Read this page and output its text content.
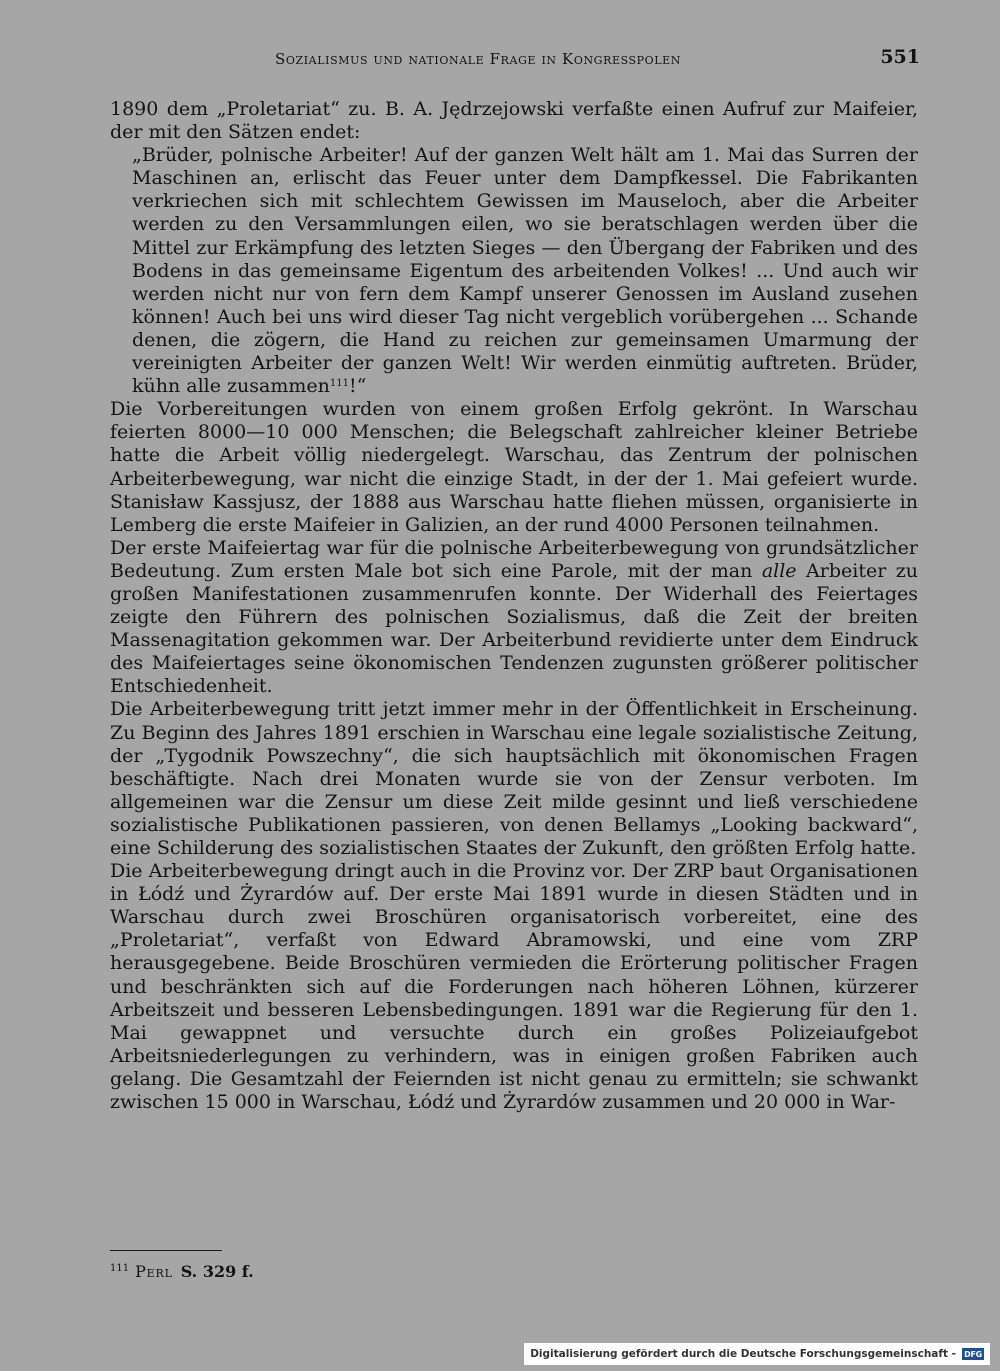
Sozialismus und nationale Frage in Kongresspolen	551

1890 dem „Proletariat“ zu. B. A. Jędrzejowski verfaßte einen Aufruf zur Maifeier, der mit den Sätzen endet:

„Brüder, polnische Arbeiter! Auf der ganzen Welt hält am 1. Mai das Surren der Maschinen an, erlischt das Feuer unter dem Dampfkessel. Die Fabrikanten verkriechen sich mit schlechtem Gewissen im Mauseloch, aber die Arbeiter werden zu den Versammlungen eilen, wo sie beratschlagen werden über die Mittel zur Erkämpfung des letzten Sieges — den Übergang der Fabriken und des Bodens in das gemeinsame Eigentum des arbeitenden Volkes! ... Und auch wir werden nicht nur von fern dem Kampf unserer Genossen im Ausland zusehen können! Auch bei uns wird dieser Tag nicht vergeblich vorübergehen ... Schande denen, die zögern, die Hand zu reichen zur gemeinsamen Umarmung der vereinigten Arbeiter der ganzen Welt! Wir werden einmütig auftreten. Brüder, kühn alle zusammen$^{111}$!“

Die Vorbereitungen wurden von einem großen Erfolg gekrönt. In Warschau feierten 8000—10 000 Menschen; die Belegschaft zahlreicher kleiner Betriebe hatte die Arbeit völlig niedergelegt. Warschau, das Zentrum der polnischen Arbeiterbewegung, war nicht die einzige Stadt, in der der 1. Mai gefeiert wurde. Stanisław Kassjusz, der 1888 aus Warschau hatte fliehen müssen, organisierte in Lemberg die erste Maifeier in Galizien, an der rund 4000 Personen teilnahmen.

Der erste Maifeiertag war für die polnische Arbeiterbewegung von grundsätzlicher Bedeutung. Zum ersten Male bot sich eine Parole, mit der man alle Arbeiter zu großen Manifestationen zusammenrufen konnte. Der Widerhall des Feiertages zeigte den Führern des polnischen Sozialismus, daß die Zeit der breiten Massenagitation gekommen war. Der Arbeiterbund revidierte unter dem Eindruck des Maifeiertages seine ökonomischen Tendenzen zugunsten größerer politischer Entschiedenheit.

Die Arbeiterbewegung tritt jetzt immer mehr in der Öffentlichkeit in Erscheinung. Zu Beginn des Jahres 1891 erschien in Warschau eine legale sozialistische Zeitung, der „Tygodnik Powszechny“, die sich hauptsächlich mit ökonomischen Fragen beschäftigte. Nach drei Monaten wurde sie von der Zensur verboten. Im allgemeinen war die Zensur um diese Zeit milde gesinnt und ließ verschiedene sozialistische Publikationen passieren, von denen Bellamys „Looking backward“, eine Schilderung des sozialistischen Staates der Zukunft, den größten Erfolg hatte.

Die Arbeiterbewegung dringt auch in die Provinz vor. Der ZRP baut Organisationen in Łódź und Żyrardów auf. Der erste Mai 1891 wurde in diesen Städten und in Warschau durch zwei Broschüren organisatorisch vorbereitet, eine des „Proletariat“, verfaßt von Edward Abramowski, und eine vom ZRP herausgegebene. Beide Broschüren vermieden die Erörterung politischer Fragen und beschränkten sich auf die Forderungen nach höheren Löhnen, kürzerer Arbeitszeit und besseren Lebensbedingungen. 1891 war die Regierung für den 1. Mai gewappnet und versuchte durch ein großes Polizeiaufgebot Arbeitsniederlegungen zu verhindern, was in einigen großen Fabriken auch gelang. Die Gesamtzahl der Feiernden ist nicht genau zu ermitteln; sie schwankt zwischen 15 000 in Warschau, Łódź und Żyrardów zusammen und 20 000 in War-

$^{111}$ Perl S. 329 f.
Digitalisierung gefördert durch die Deutsche Forschungsgemeinschaft - DFG
